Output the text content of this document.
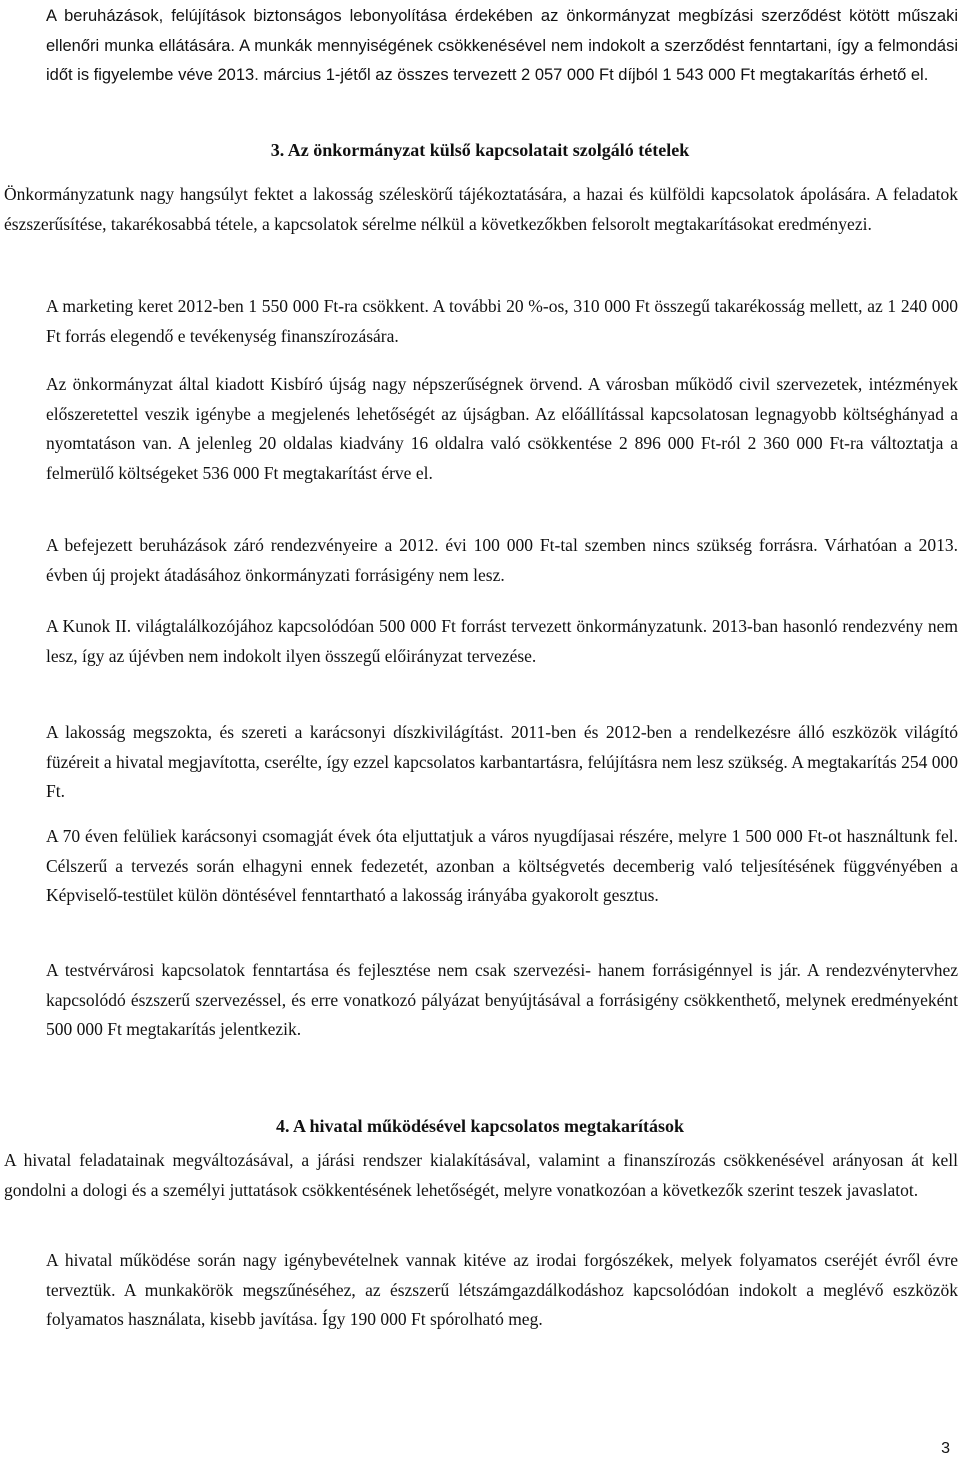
A beruházások, felújítások biztonságos lebonyolítása érdekében az önkormányzat megbízási szerződést kötött műszaki ellenőri munka ellátására. A munkák mennyiségének csökkenésével nem indokolt a szerződést fenntartani, így a felmondási időt is figyelembe véve 2013. március 1-jétől az összes tervezett 2 057 000 Ft díjból 1 543 000 Ft megtakarítás érhető el.
3. Az önkormányzat külső kapcsolatait szolgáló tételek
Önkormányzatunk nagy hangsúlyt fektet a lakosság széleskörű tájékoztatására, a hazai és külföldi kapcsolatok ápolására. A feladatok észszerűsítése, takarékosabbá tétele, a kapcsolatok sérelme nélkül a következőkben felsorolt megtakarításokat eredményezi.
A marketing keret 2012-ben 1 550 000 Ft-ra csökkent. A további 20 %-os, 310 000 Ft összegű takarékosság mellett, az 1 240 000 Ft forrás elegendő e tevékenység finanszírozására.
Az önkormányzat által kiadott Kisbíró újság nagy népszerűségnek örvend. A városban működő civil szervezetek, intézmények előszeretettel veszik igénybe a megjelenés lehetőségét az újságban. Az előállítással kapcsolatosan legnagyobb költséghányad a nyomtatáson van. A jelenleg 20 oldalas kiadvány 16 oldalra való csökkentése 2 896 000 Ft-ról 2 360 000 Ft-ra változtatja a felmerülő költségeket 536 000 Ft megtakarítást érve el.
A befejezett beruházások záró rendezvényeire a 2012. évi 100 000 Ft-tal szemben nincs szükség forrásra. Várhatóan a 2013. évben új projekt átadásához önkormányzati forrásigény nem lesz.
A Kunok II. világtalálkozójához kapcsolódóan 500 000 Ft forrást tervezett önkormányzatunk. 2013-ban hasonló rendezvény nem lesz, így az újévben nem indokolt ilyen összegű előirányzat tervezése.
A lakosság megszokta, és szereti a karácsonyi díszkivilágítást. 2011-ben és 2012-ben a rendelkezésre álló eszközök világító füzéreit a hivatal megjavította, cserélte, így ezzel kapcsolatos karbantartásra, felújításra nem lesz szükség. A megtakarítás 254 000 Ft.
A 70 éven felüliek karácsonyi csomagját évek óta eljuttatjuk a város nyugdíjasai részére, melyre 1 500 000 Ft-ot használtunk fel. Célszerű a tervezés során elhagyni ennek fedezetét, azonban a költségvetés decemberig való teljesítésének függvényében a Képviselő-testület külön döntésével fenntartható a lakosság irányába gyakorolt gesztus.
A testvérvárosi kapcsolatok fenntartása és fejlesztése nem csak szervezési- hanem forrásigénnyel is jár. A rendezvénytervhez kapcsolódó észszerű szervezéssel, és erre vonatkozó pályázat benyújtásával a forrásigény csökkenthető, melynek eredményeként 500 000 Ft megtakarítás jelentkezik.
4. A hivatal működésével kapcsolatos megtakarítások
A hivatal feladatainak megváltozásával, a járási rendszer kialakításával, valamint a finanszírozás csökkenésével arányosan át kell gondolni a dologi és a személyi juttatások csökkentésének lehetőségét, melyre vonatkozóan a következők szerint teszek javaslatot.
A hivatal működése során nagy igénybevételnek vannak kitéve az irodai forgószékek, melyek folyamatos cseréjét évről évre terveztük. A munkakörök megszűnéséhez, az észszerű létszámgazdálkodáshoz kapcsolódóan indokolt a meglévő eszközök folyamatos használata, kisebb javítása. Így 190 000 Ft spórolható meg.
3
